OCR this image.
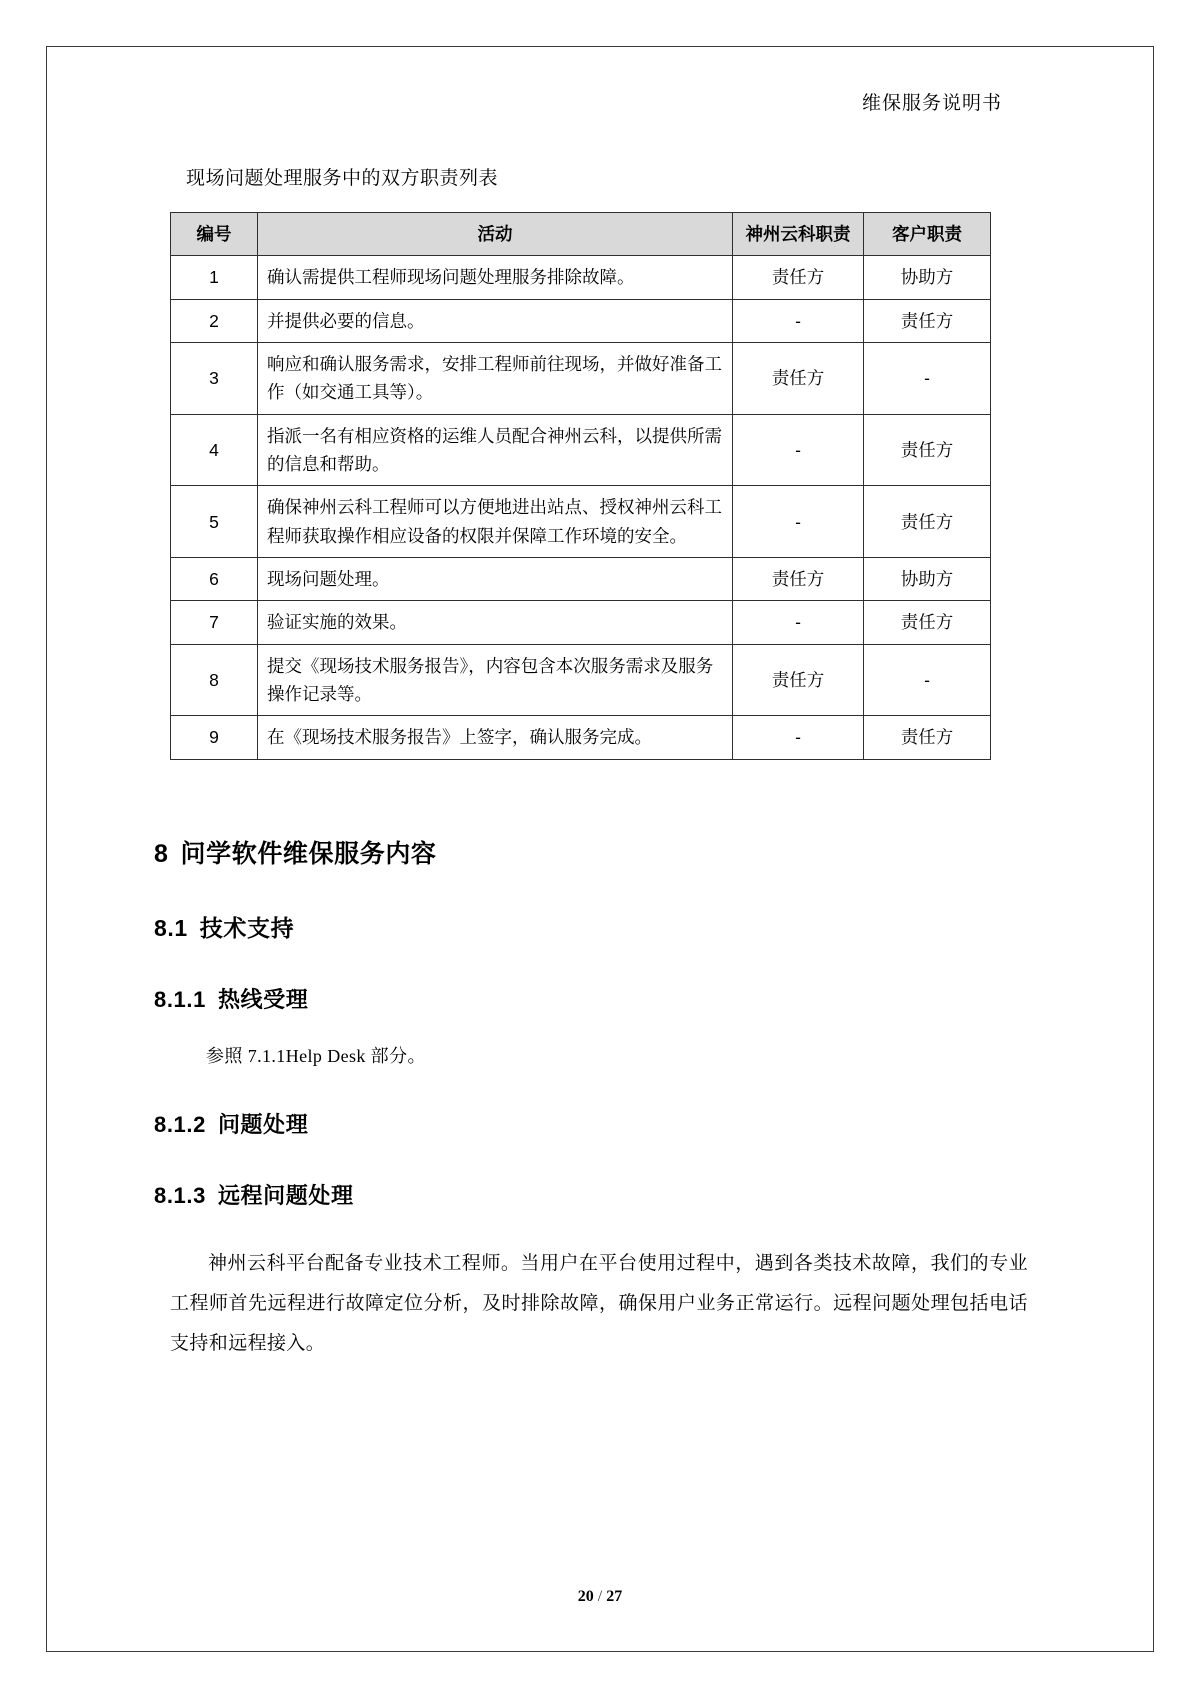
维保服务说明书
现场问题处理服务中的双方职责列表
编号	活动	神州云科职责	客户职责
1	确认需提供工程师现场问题处理服务排除故障。	责任方	协助方
2	并提供必要的信息。	-	责任方
3	响应和确认服务需求，安排工程师前往现场，并做好准备工作（如交通工具等）。	责任方	-
4	指派一名有相应资格的运维人员配合神州云科，以提供所需的信息和帮助。	-	责任方
5	确保神州云科工程师可以方便地进出站点、授权神州云科工程师获取操作相应设备的权限并保障工作环境的安全。	-	责任方
6	现场问题处理。	责任方	协助方
7	验证实施的效果。	-	责任方
8	提交《现场技术服务报告》，内容包含本次服务需求及服务操作记录等。	责任方	-
9	在《现场技术服务报告》上签字，确认服务完成。	-	责任方
8 问学软件维保服务内容
8.1 技术支持
8.1.1 热线受理

参照 7.1.1Help Desk 部分。

8.1.2 问题处理
8.1.3 远程问题处理

神州云科平台配备专业技术工程师。当用户在平台使用过程中，遇到各类技术故障，我们的专业工程师首先远程进行故障定位分析，及时排除故障，确保用户业务正常运行。远程问题处理包括电话支持和远程接入。

20 / 27
